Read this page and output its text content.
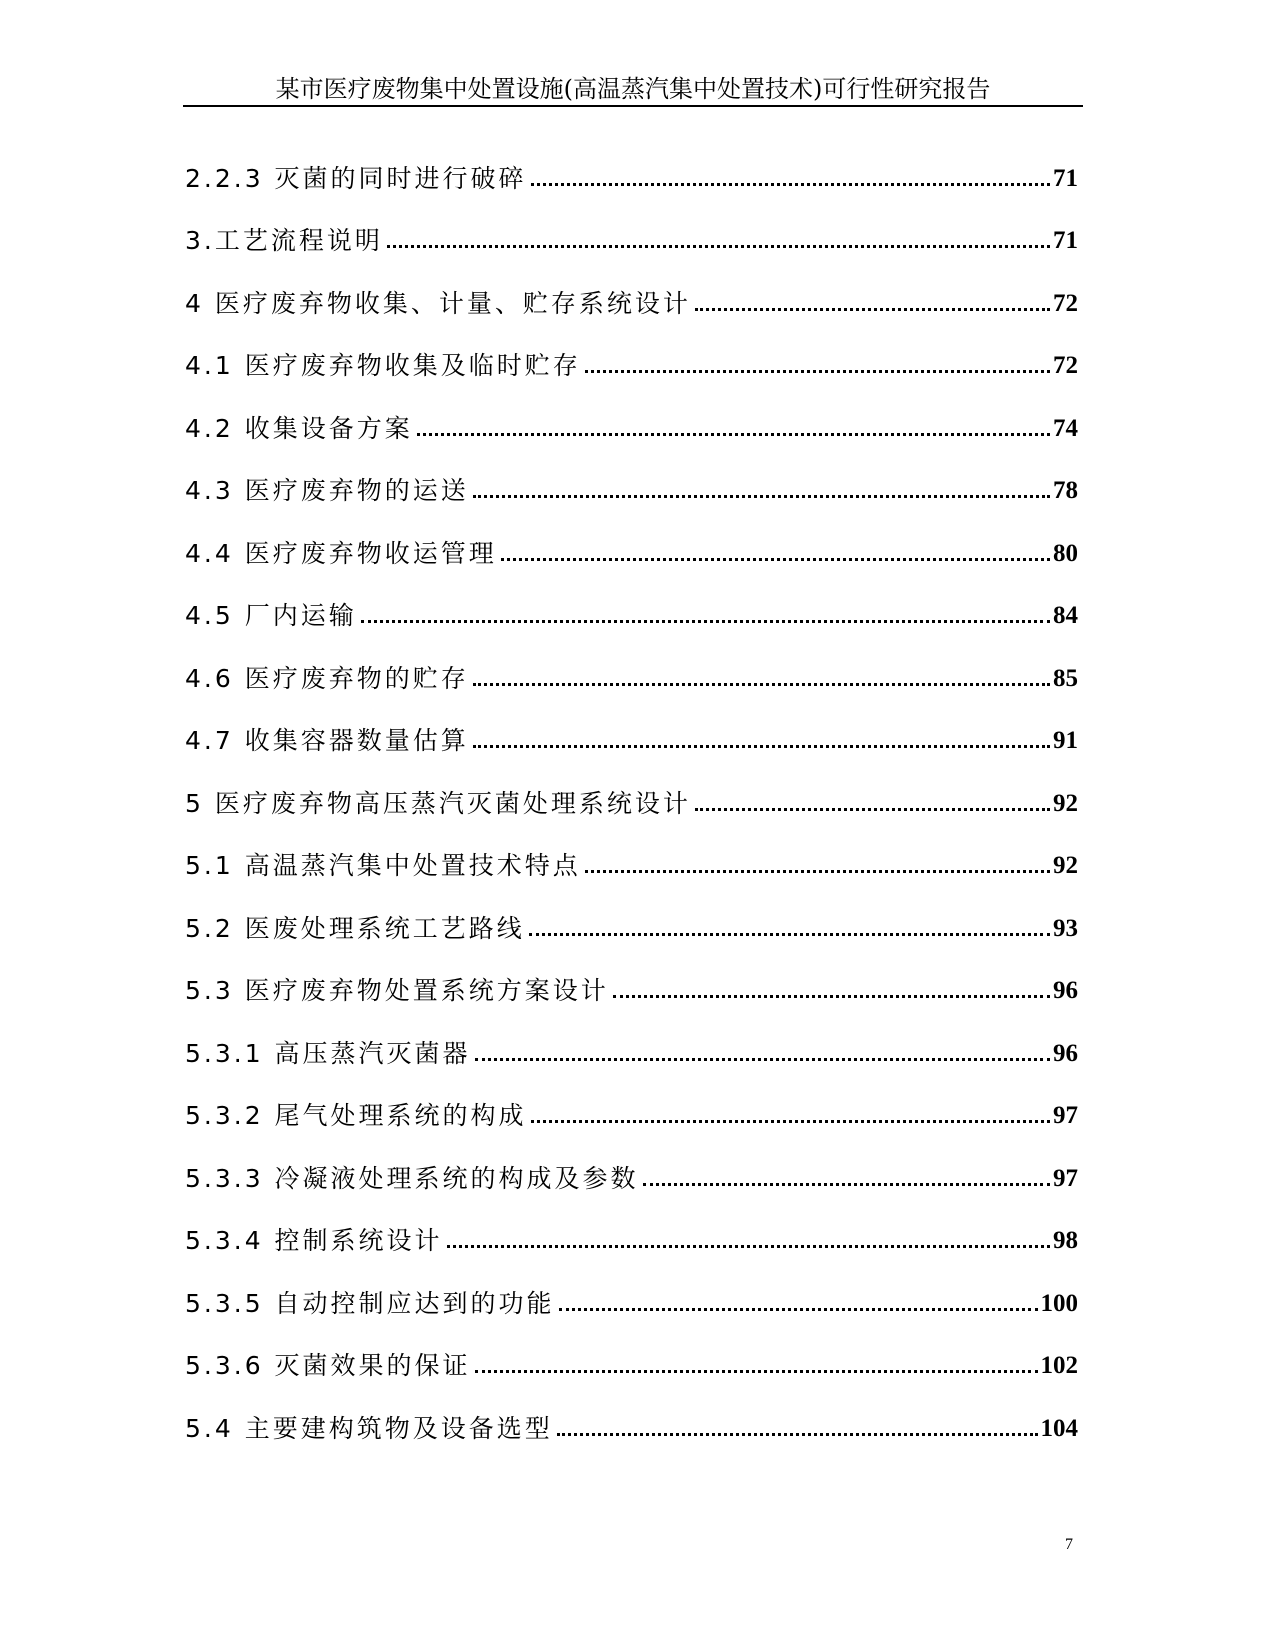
某市医疗废物集中处置设施(高温蒸汽集中处置技术)可行性研究报告
2.2.3 灭菌的同时进行破碎	71
3.工艺流程说明	71
4 医疗废弃物收集、计量、贮存系统设计	72
4.1 医疗废弃物收集及临时贮存	72
4.2 收集设备方案	74
4.3 医疗废弃物的运送	78
4.4 医疗废弃物收运管理	80
4.5 厂内运输	84
4.6 医疗废弃物的贮存	85
4.7 收集容器数量估算	91
5 医疗废弃物高压蒸汽灭菌处理系统设计	92
5.1 高温蒸汽集中处置技术特点	92
5.2 医废处理系统工艺路线	93
5.3 医疗废弃物处置系统方案设计	96
5.3.1 高压蒸汽灭菌器	96
5.3.2 尾气处理系统的构成	97
5.3.3 冷凝液处理系统的构成及参数	97
5.3.4 控制系统设计	98
5.3.5 自动控制应达到的功能	100
5.3.6 灭菌效果的保证	102
5.4 主要建构筑物及设备选型	104
7
